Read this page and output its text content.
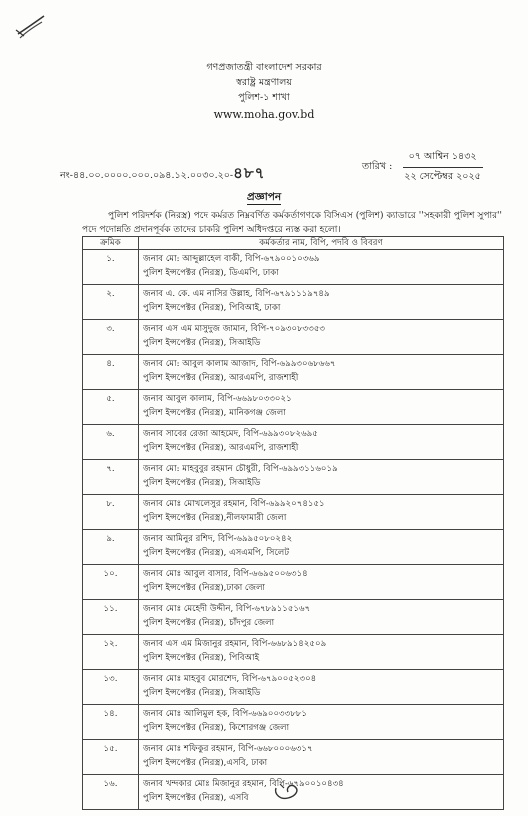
গণপ্রজাতন্ত্রী বাংলাদেশ সরকার
স্বরাষ্ট্র মন্ত্রণালয়
পুলিশ-১ শাখা
www.moha.gov.bd
নং-৪৪.০০.০০০০.০০০.০৯৪.১২.০০৩০.২০-৪৮৭	তারিখ :
০৭ আশ্বিন ১৪৩২
২২ সেপ্টেম্বর ২০২৫
প্রজ্ঞাপন
পুলিশ পরিদর্শক (নিরস্ত্র) পদে কর্মরত নিম্নবর্ণিত কর্মকর্তাগণকে বিসিএস (পুলিশ) ক্যাডারে ''সহকারী পুলিশ সুপার'' পদে পদোন্নতি প্রদানপূর্বক তাদের চাকরি পুলিশ অধিদপ্তরে ন্যস্ত করা হলো।
ক্রমিক	কর্মকর্তার নাম, বিপি, পদবি ও বিবরণ
১.	জনাব মো: আব্দুল্লাহেল বাকী, বিপি-৬৭৯০০১০৩৬৯
পুলিশ ইন্সপেক্টর (নিরস্ত্র), ডিএমপি, ঢাকা

২.	জনাব এ. কে. এম নাসির উল্লাহ, বিপি-৬৭৯১১১৯৭৪৯
পুলিশ ইন্সপেক্টর (নিরস্ত্র), পিবিআই, ঢাকা

৩.	জনাব এস এম মাসুদুজ জামান, বিপি-৭০৯৩০৮৩৩৫৩
পুলিশ ইন্সপেক্টর (নিরস্ত্র), সিআইডি

৪.	জনাব মো: আবুল কালাম আজাদ, বিপি-৬৯৯৩০৬৮৬৬৭
পুলিশ ইন্সপেক্টর (নিরস্ত্র), আরএমপি, রাজশাহী

৫.	জনাব আবুল কালাম, বিপি-৬৬৯৮০৩৩০২১
পুলিশ ইন্সপেক্টর (নিরস্ত্র), মানিকগঞ্জ জেলা

৬.	জনাব সাবের রেজা আহমেদ, বিপি-৬৯৯৩০৮২৬৯৫
পুলিশ ইন্সপেক্টর (নিরস্ত্র), আরএমপি, রাজশাহী

৭.	জনাব মো: মাহবুবুর রহমান চৌধুরী, বিপি-৬৯৯৩১১৬০১৯
পুলিশ ইন্সপেক্টর (নিরস্ত্র), সিআইডি

৮.	জনাব মোঃ মোখলেসুর রহমান, বিপি-৬৯৯২০৭৪১৫১
পুলিশ ইন্সপেক্টর (নিরস্ত্র),নীলফামারী জেলা

৯.	জনাব আমিনুর রশিদ, বিপি-৬৯৯৫০৮০২৪২
পুলিশ ইন্সপেক্টর (নিরস্ত্র), এসএমপি, সিলেট

১০.	জনাব মোঃ আবুল বাসার, বিপি-৬৬৯৫০০৬৩১৪
পুলিশ ইন্সপেক্টর (নিরস্ত্র),ঢাকা জেলা

১১.	জনাব মোঃ মেহেদী উদ্দীন, বিপি-৬৭৮৯১১৫১৬৭
পুলিশ ইন্সপেক্টর (নিরস্ত্র), চাঁদপুর জেলা

১২.	জনাব এস এম মিজানুর রহমান, বিপি-৬৬৮৯১৪২৫০৯
পুলিশ ইন্সপেক্টর (নিরস্ত্র), পিবিআই

১৩.	জনাব মোঃ মাহবুব মোরশেদ, বিপি-৬৭৯০০৫২৩০৪
পুলিশ ইন্সপেক্টর (নিরস্ত্র), সিআইডি

১৪.	জনাব মোঃ আলিমুল হক, বিপি-৬৬৯০০৩৩৮৮১
পুলিশ ইন্সপেক্টর (নিরস্ত্র), কিশোরগঞ্জ জেলা

১৫.	জনাব মোঃ শফিকুর রহমান, বিপি-৬৬৮০০০৬৩১৭
পুলিশ ইন্সপেক্টর (নিরস্ত্র),এসবি, ঢাকা

১৬.	জনাব খন্দকার মোঃ মিজানুর রহমান, বিপি-৬৭৯০০১০৪৩৪
পুলিশ ইন্সপেক্টর (নিরস্ত্র), এসবি
